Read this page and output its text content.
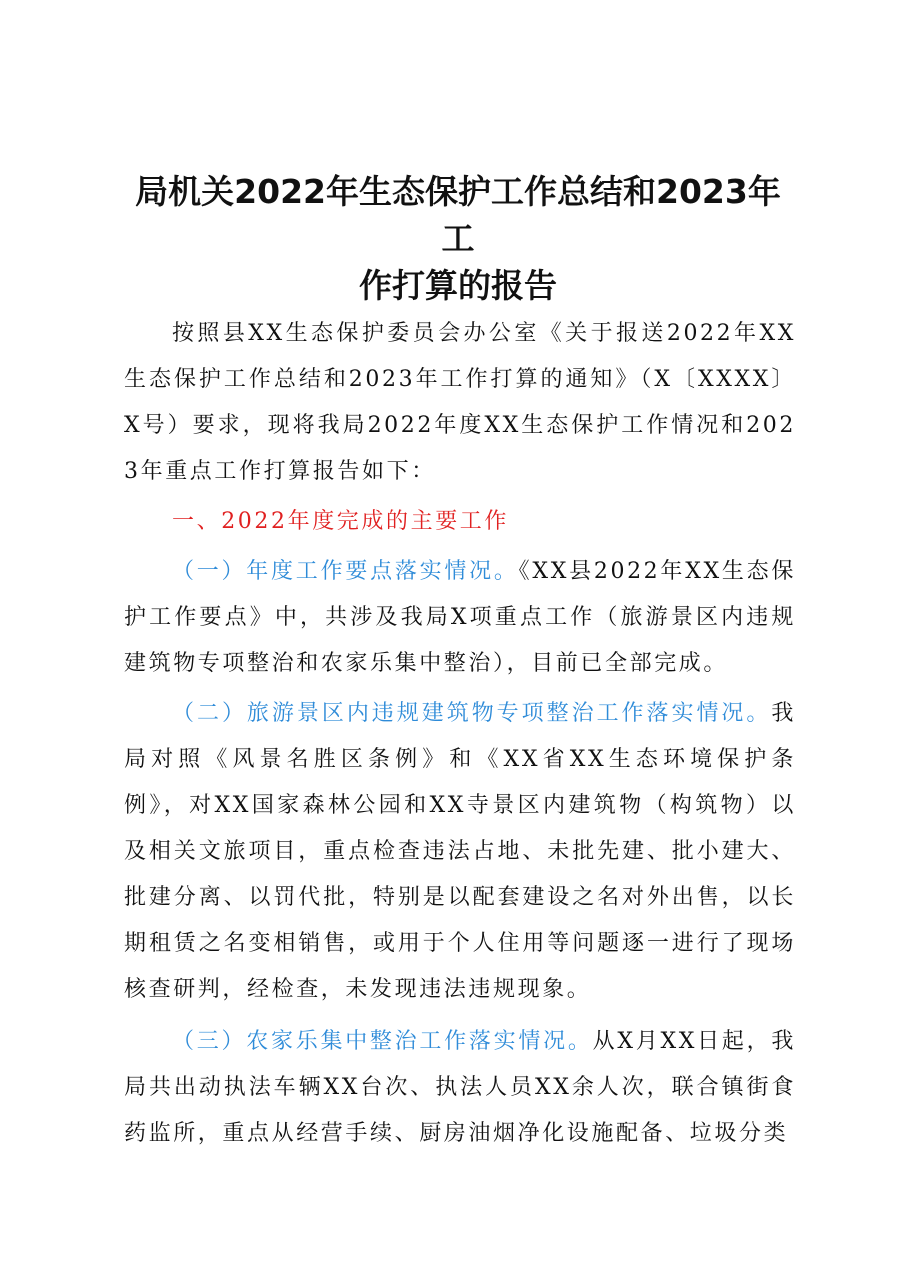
局机关2022年生态保护工作总结和2023年工
作打算的报告

按照县XX生态保护委员会办公室《关于报送2022年XX生态保护工作总结和2023年工作打算的通知》（X〔XXXX〕X号）要求，现将我局2022年度XX生态保护工作情况和2023年重点工作打算报告如下：

一、2022年度完成的主要工作

（一）年度工作要点落实情况。《XX县2022年XX生态保护工作要点》中，共涉及我局X项重点工作（旅游景区内违规建筑物专项整治和农家乐集中整治），目前已全部完成。

（二）旅游景区内违规建筑物专项整治工作落实情况。我局对照《风景名胜区条例》和《XX省XX生态环境保护条例》，对XX国家森林公园和XX寺景区内建筑物（构筑物）以及相关文旅项目，重点检查违法占地、未批先建、批小建大、批建分离、以罚代批，特别是以配套建设之名对外出售，以长期租赁之名变相销售，或用于个人住用等问题逐一进行了现场核查研判，经检查，未发现违法违规现象。

（三）农家乐集中整治工作落实情况。从X月XX日起，我局共出动执法车辆XX台次、执法人员XX余人次，联合镇街食药监所，重点从经营手续、厨房油烟净化设施配备、垃圾分类
